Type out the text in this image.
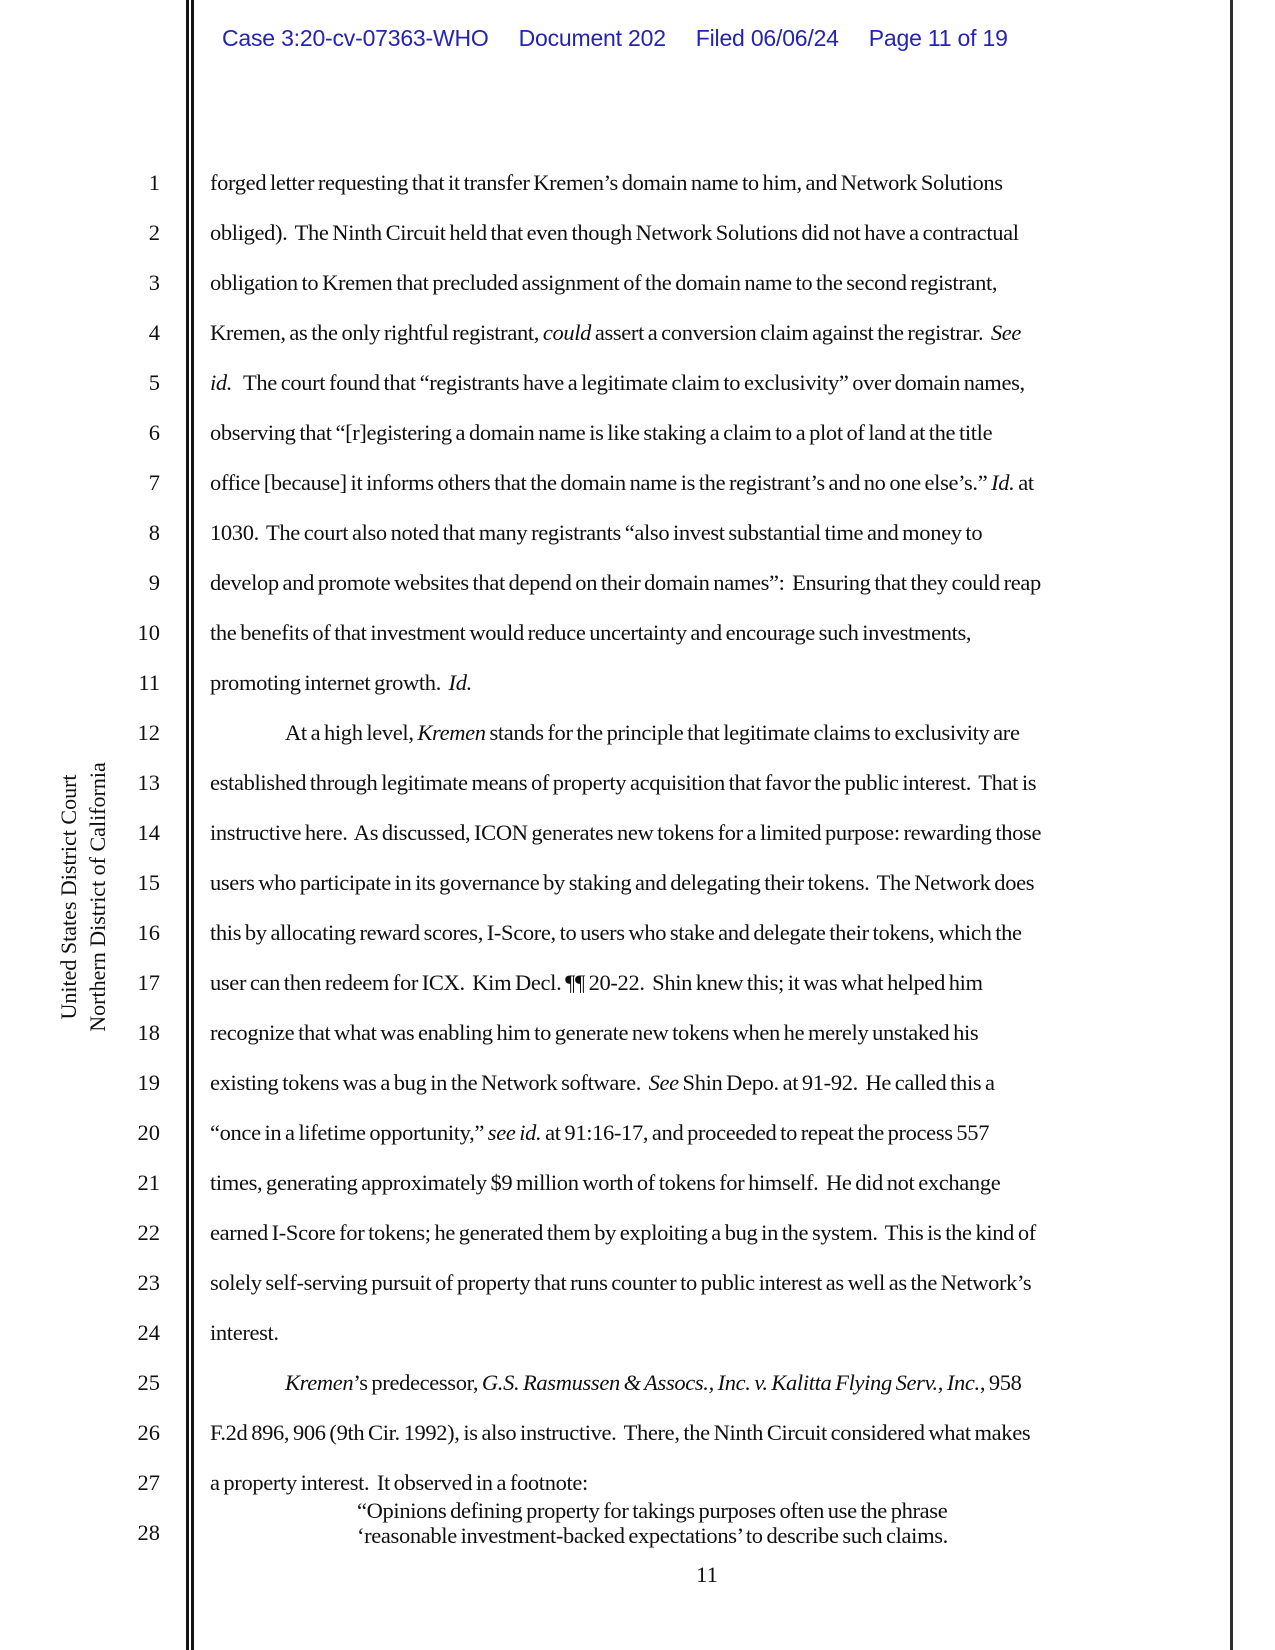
Case 3:20-cv-07363-WHO Document 202 Filed 06/06/24 Page 11 of 19
United States District Court Northern District of California
1
2
3
4
5
6
7
8
9
10
11
12
13
14
15
16
17
18
19
20
21
22
23
24
25
26
27
28
forged letter requesting that it transfer Kremen’s domain name to him, and Network Solutions
obliged).  The Ninth Circuit held that even though Network Solutions did not have a contractual
obligation to Kremen that precluded assignment of the domain name to the second registrant,
Kremen, as the only rightful registrant, could assert a conversion claim against the registrar.  See
id.   The court found that “registrants have a legitimate claim to exclusivity” over domain names,
observing that “[r]egistering a domain name is like staking a claim to a plot of land at the title
office [because] it informs others that the domain name is the registrant’s and no one else’s.” Id. at
1030.  The court also noted that many registrants “also invest substantial time and money to
develop and promote websites that depend on their domain names”:  Ensuring that they could reap
the benefits of that investment would reduce uncertainty and encourage such investments,
promoting internet growth.  Id.
At a high level, Kremen stands for the principle that legitimate claims to exclusivity are
established through legitimate means of property acquisition that favor the public interest.  That is
instructive here.  As discussed, ICON generates new tokens for a limited purpose: rewarding those
users who participate in its governance by staking and delegating their tokens.  The Network does
this by allocating reward scores, I-Score, to users who stake and delegate their tokens, which the
user can then redeem for ICX.  Kim Decl. ¶¶ 20-22.  Shin knew this; it was what helped him
recognize that what was enabling him to generate new tokens when he merely unstaked his
existing tokens was a bug in the Network software.  See Shin Depo. at 91-92.  He called this a
“once in a lifetime opportunity,” see id. at 91:16-17, and proceeded to repeat the process 557
times, generating approximately $9 million worth of tokens for himself.  He did not exchange
earned I-Score for tokens; he generated them by exploiting a bug in the system.  This is the kind of
solely self-serving pursuit of property that runs counter to public interest as well as the Network’s
interest.
Kremen’s predecessor, G.S. Rasmussen & Assocs., Inc. v. Kalitta Flying Serv., Inc., 958
F.2d 896, 906 (9th Cir. 1992), is also instructive.  There, the Ninth Circuit considered what makes
a property interest.  It observed in a footnote:
“Opinions defining property for takings purposes often use the phrase
‘reasonable investment-backed expectations’ to describe such claims.
11
